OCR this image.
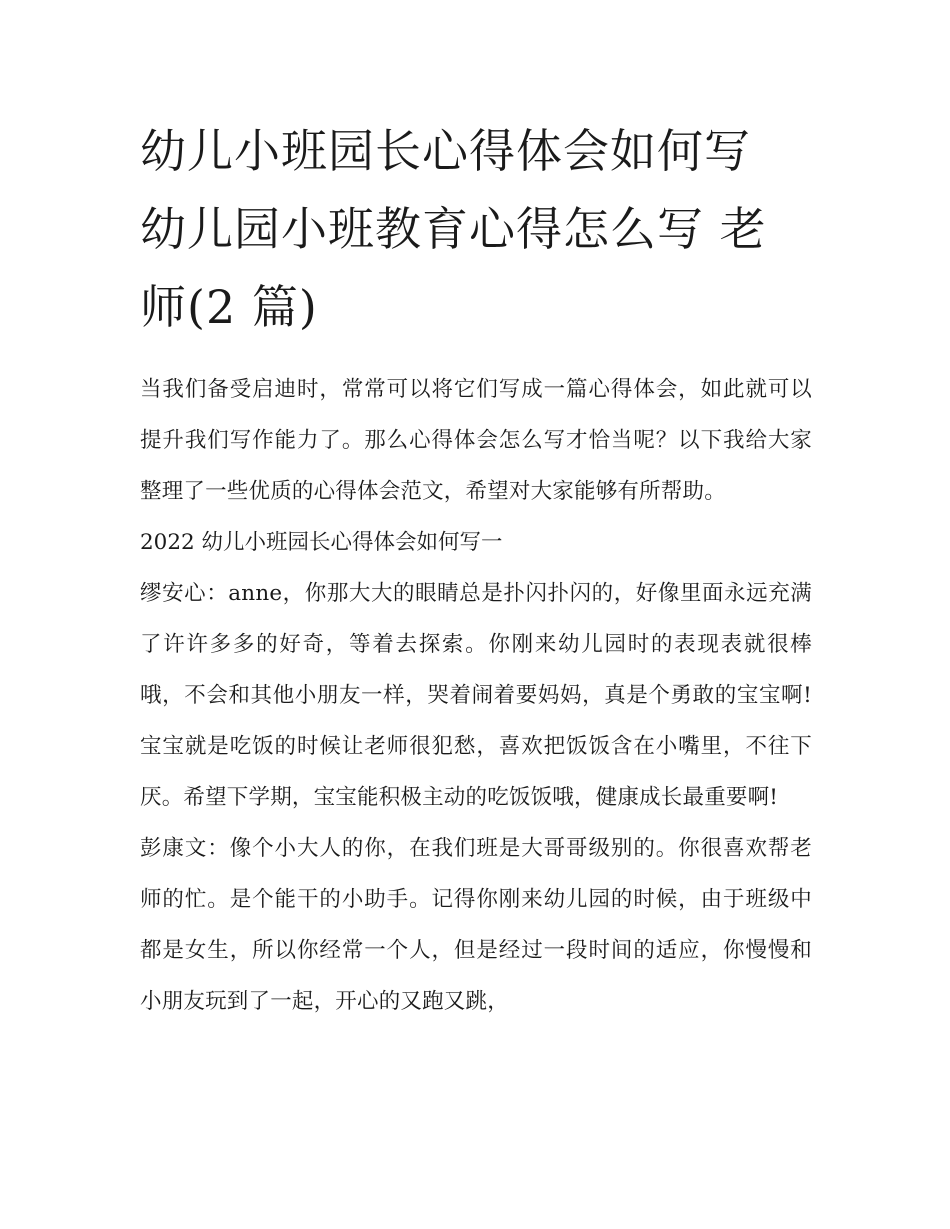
幼儿小班园长心得体会如何写
幼儿园小班教育心得怎么写 老
师(2 篇)

当我们备受启迪时，常常可以将它们写成一篇心得体会，如此就可以提升我们写作能力了。那么心得体会怎么写才恰当呢？以下我给大家整理了一些优质的心得体会范文，希望对大家能够有所帮助。

2022 幼儿小班园长心得体会如何写一

缪安心：anne，你那大大的眼睛总是扑闪扑闪的，好像里面永远充满了许许多多的好奇，等着去探索。你刚来幼儿园时的表现表就很棒哦，不会和其他小朋友一样，哭着闹着要妈妈，真是个勇敢的宝宝啊!宝宝就是吃饭的时候让老师很犯愁，喜欢把饭饭含在小嘴里，不往下厌。希望下学期，宝宝能积极主动的吃饭饭哦，健康成长最重要啊!

彭康文：像个小大人的你，在我们班是大哥哥级别的。你很喜欢帮老师的忙。是个能干的小助手。记得你刚来幼儿园的时候，由于班级中都是女生，所以你经常一个人，但是经过一段时间的适应，你慢慢和小朋友玩到了一起，开心的又跑又跳，
